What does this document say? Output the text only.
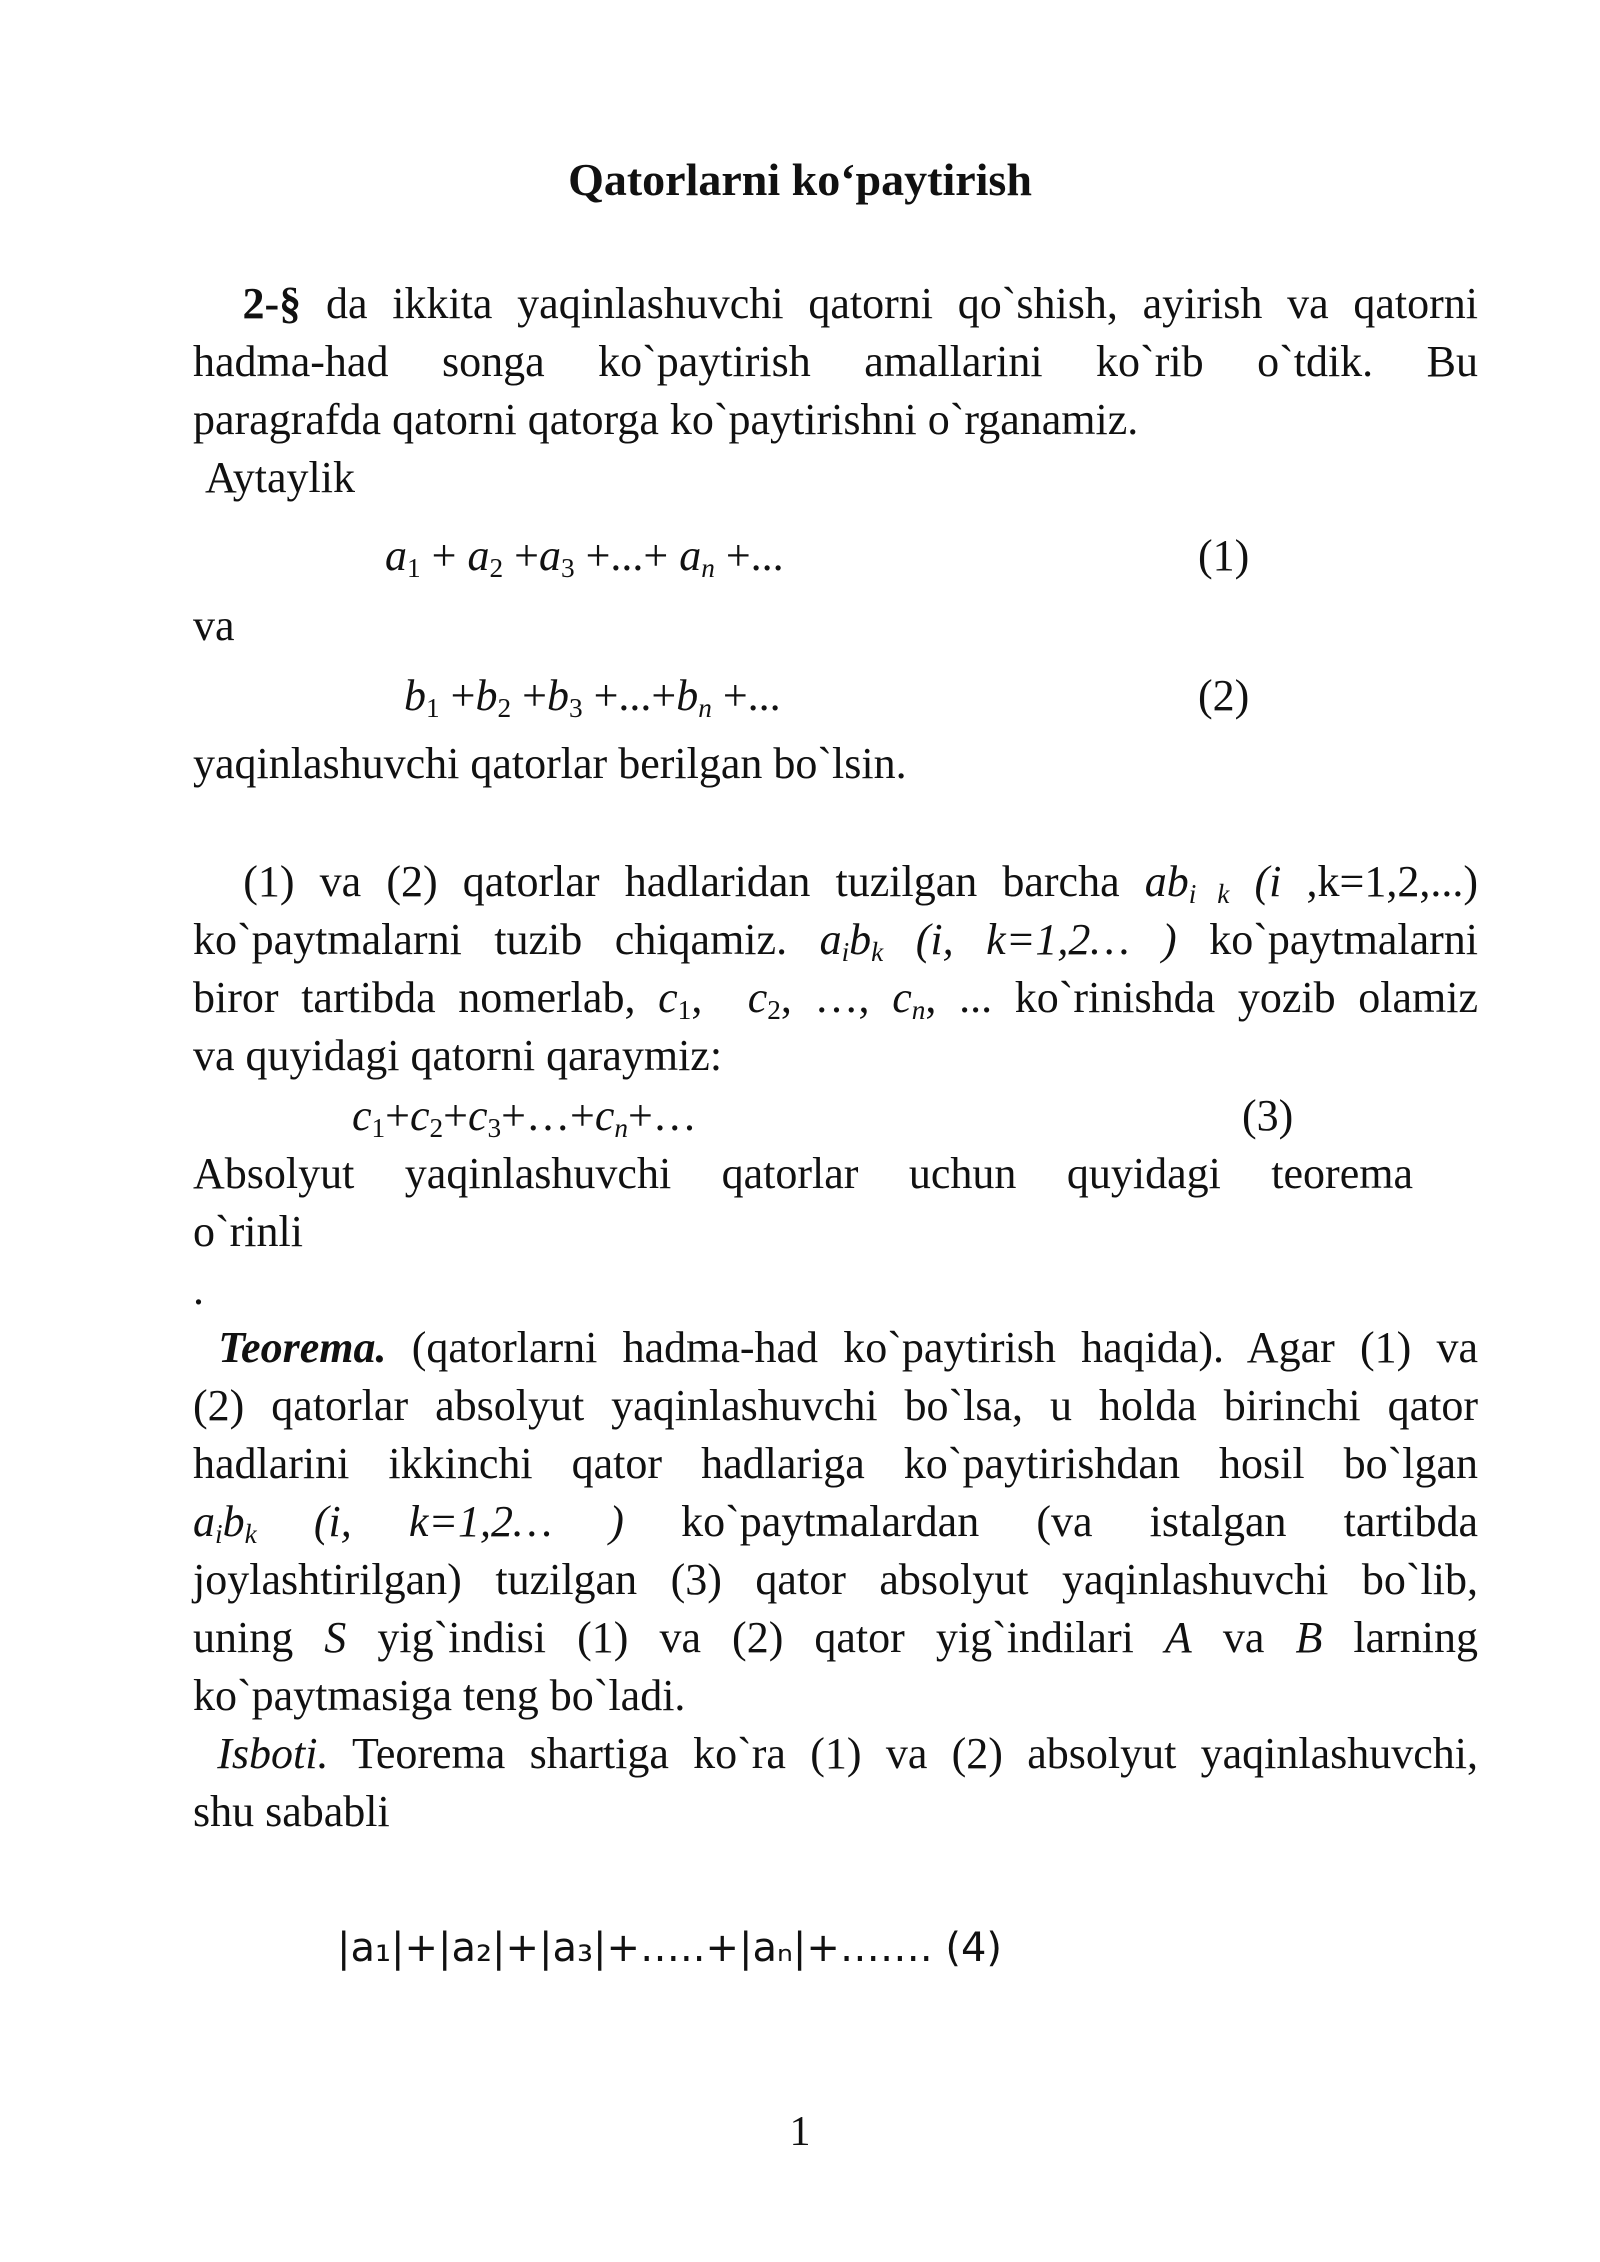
Qatorlarni ko‘paytirish
2-§ da ikkita yaqinlashuvchi qatorni qo`shish, ayirish va qatorni
hadma-had songa ko`paytirish amallarini ko`rib o`tdik. Bu
paragrafda qatorni qatorga ko`paytirishni o`rganamiz.
Aytaylik
$a_1 + a_2 +a_3$ +...+ $a_n$ +...	(1)
va
$b_1 +b_2 +b_3 +...+b_n$ +...	(2)
yaqinlashuvchi qatorlar berilgan bo`lsin.
(1) va (2) qatorlar hadlaridan tuzilgan barcha $ab_{i k}$ (i ,k=1,2,...)
ko`paytmalarni tuzib chiqamiz. $a_ib_k$ (i, k=1,2… ) ko`paytmalarni
biror tartibda nomerlab, $c_1$,  $c_2$, …, $c_n$, ... ko`rinishda yozib olamiz
va quyidagi qatorni qaraymiz:
$c_1+c_2+c_3+\dots+c_n+\dots$	(3)
Absolyut yaqinlashuvchi qatorlar uchun quyidagi teorema
o`rinli
.
Teorema. (qatorlarni hadma-had ko`paytirish haqida). Agar (1) va
(2) qatorlar absolyut yaqinlashuvchi bo`lsa, u holda birinchi qator
hadlarini ikkinchi qator hadlariga ko`paytirishdan hosil bo`lgan
$a_ib_k$ (i, k=1,2… ) ko`paytmalardan (va istalgan tartibda
joylashtirilgan) tuzilgan (3) qator absolyut yaqinlashuvchi bo`lib,
uning S yig`indisi (1) va (2) qator yig`indilari A va B larning
ko`paytmasiga teng bo`ladi.
Isboti. Teorema shartiga ko`ra (1) va (2) absolyut yaqinlashuvchi,
shu sababli
|a₁|+|a₂|+|a₃|+…..+|aₙ|+……. (4)
1
